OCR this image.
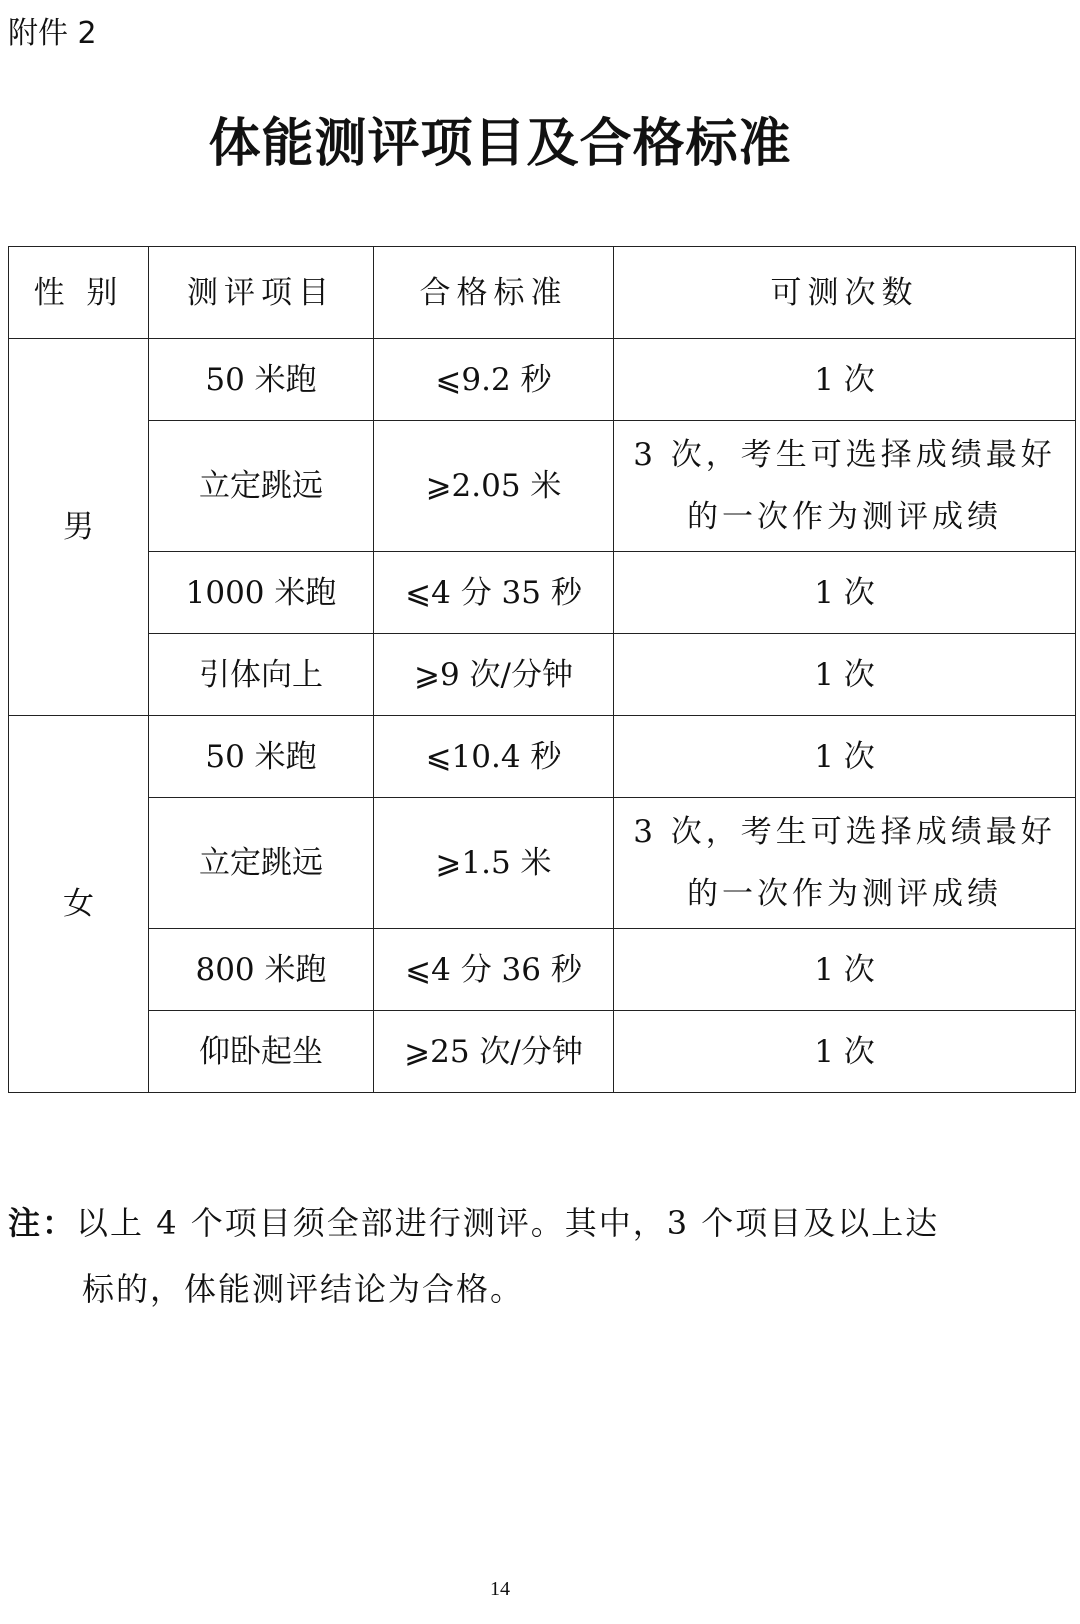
附件 2
体能测评项目及合格标准
性 别	测评项目	合格标准	可测次数
男	50 米跑	⩽9.2 秒	1 次
	立定跳远	⩾2.05 米	3 次，考生可选择成绩最好的一次作为测评成绩
	1000 米跑	⩽4 分 35 秒	1 次
	引体向上	⩾9 次/分钟	1 次
女	50 米跑	⩽10.4 秒	1 次
	立定跳远	⩾1.5 米	3 次，考生可选择成绩最好的一次作为测评成绩
	800 米跑	⩽4 分 36 秒	1 次
	仰卧起坐	⩾25 次/分钟	1 次
注：以上 4 个项目须全部进行测评。其中，3 个项目及以上达
标的，体能测评结论为合格。
14
